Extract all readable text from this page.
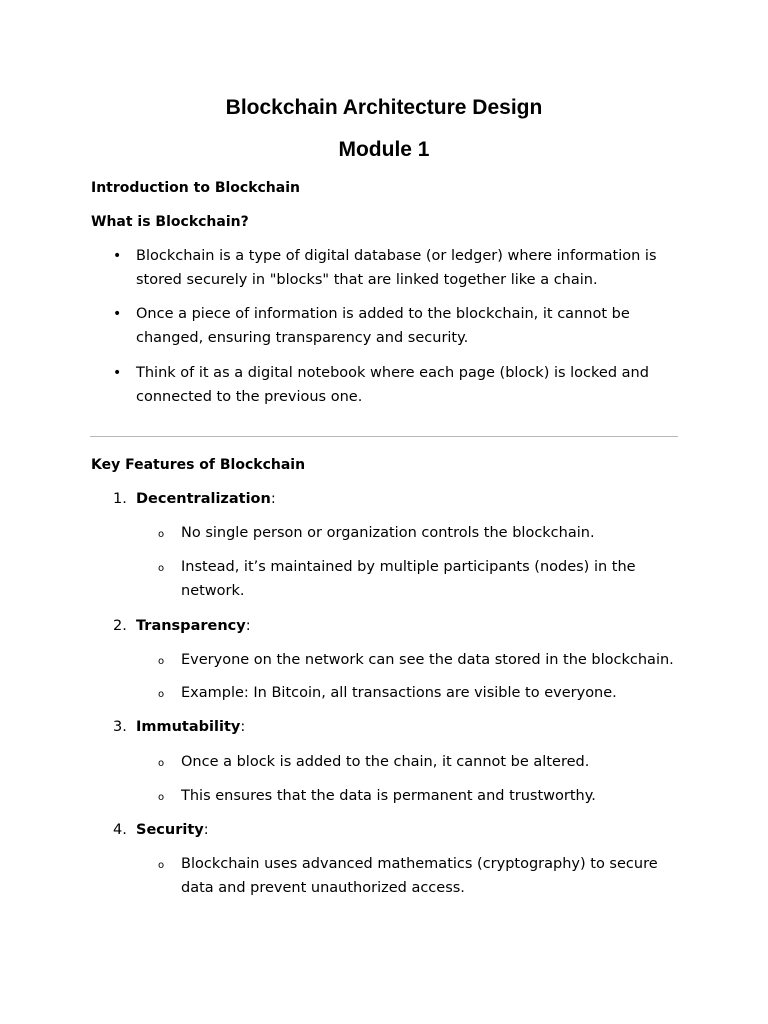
Blockchain Architecture Design
Module 1
Introduction to Blockchain
What is Blockchain?
•	Blockchain is a type of digital database (or ledger) where information is stored securely in "blocks" that are linked together like a chain.
•	Once a piece of information is added to the blockchain, it cannot be changed, ensuring transparency and security.
•	Think of it as a digital notebook where each page (block) is locked and connected to the previous one.
Key Features of Blockchain
1. Decentralization:
o	No single person or organization controls the blockchain.
o	Instead, it’s maintained by multiple participants (nodes) in the network.
2. Transparency:
o	Everyone on the network can see the data stored in the blockchain.
o	Example: In Bitcoin, all transactions are visible to everyone.
3. Immutability:
o	Once a block is added to the chain, it cannot be altered.
o	This ensures that the data is permanent and trustworthy.
4. Security:
o	Blockchain uses advanced mathematics (cryptography) to secure data and prevent unauthorized access.
